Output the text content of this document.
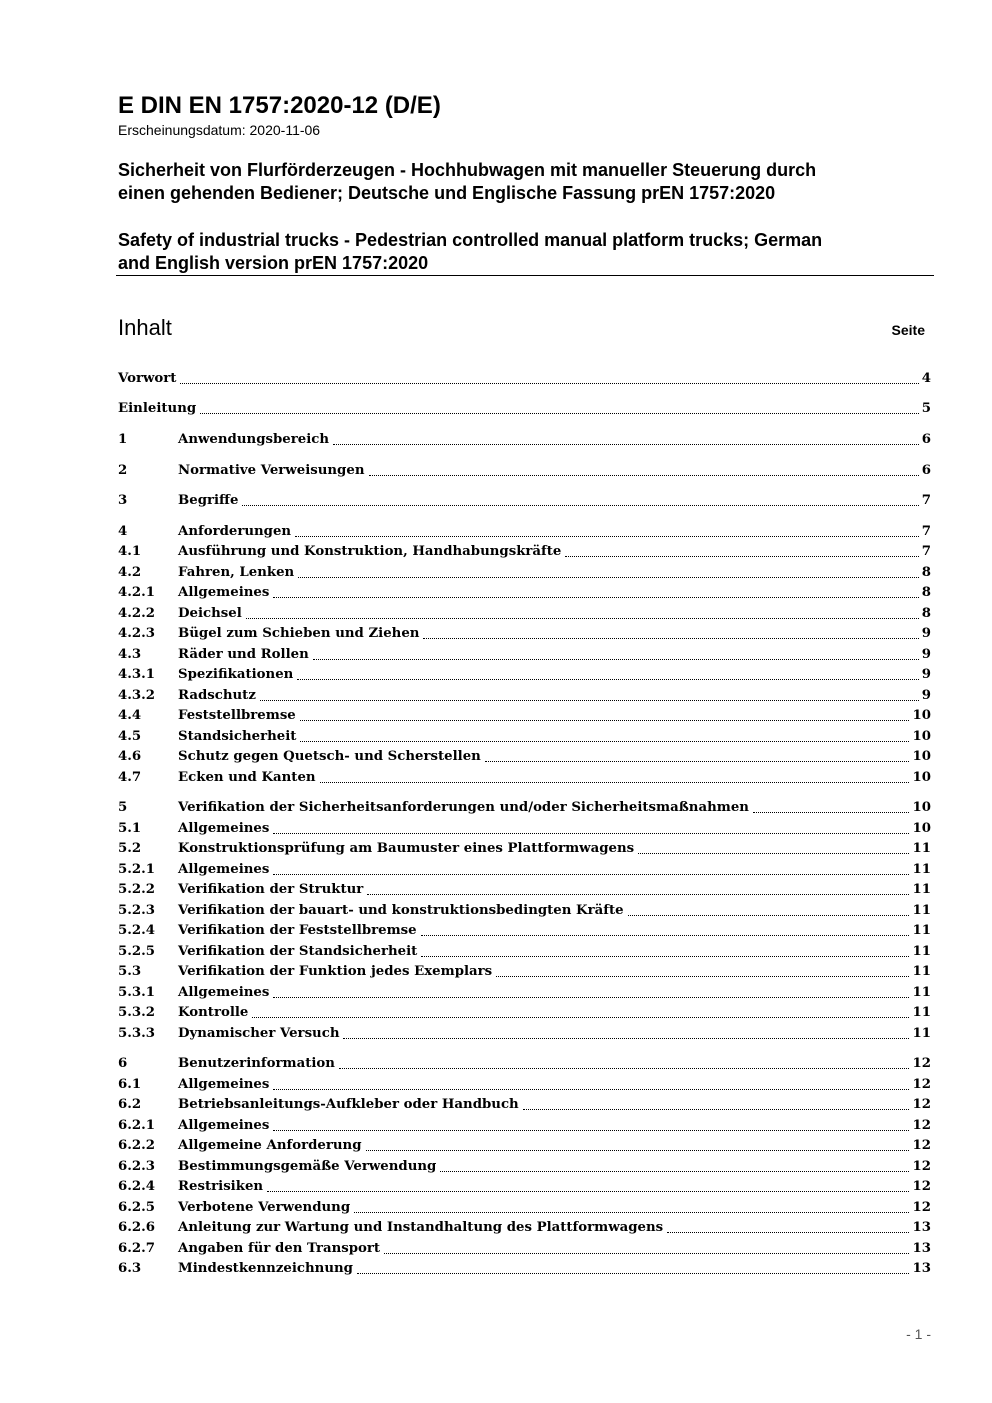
E DIN EN 1757:2020-12 (D/E)
Erscheinungsdatum: 2020-11-06
Sicherheit von Flurförderzeugen - Hochhubwagen mit manueller Steuerung durch
einen gehenden Bediener; Deutsche und Englische Fassung prEN 1757:2020
Safety of industrial trucks - Pedestrian controlled manual platform trucks; German
and English version prEN 1757:2020
Inhalt	Seite
Vorwort	4
Einleitung	5
1	Anwendungsbereich	6
2	Normative Verweisungen	6
3	Begriffe	7
4	Anforderungen	7
4.1	Ausführung und Konstruktion, Handhabungskräfte	7
4.2	Fahren, Lenken	8
4.2.1	Allgemeines	8
4.2.2	Deichsel	8
4.2.3	Bügel zum Schieben und Ziehen	9
4.3	Räder und Rollen	9
4.3.1	Spezifikationen	9
4.3.2	Radschutz	9
4.4	Feststellbremse	10
4.5	Standsicherheit	10
4.6	Schutz gegen Quetsch- und Scherstellen	10
4.7	Ecken und Kanten	10
5	Verifikation der Sicherheitsanforderungen und/oder Sicherheitsmaßnahmen	10
5.1	Allgemeines	10
5.2	Konstruktionsprüfung am Baumuster eines Plattformwagens	11
5.2.1	Allgemeines	11
5.2.2	Verifikation der Struktur	11
5.2.3	Verifikation der bauart- und konstruktionsbedingten Kräfte	11
5.2.4	Verifikation der Feststellbremse	11
5.2.5	Verifikation der Standsicherheit	11
5.3	Verifikation der Funktion jedes Exemplars	11
5.3.1	Allgemeines	11
5.3.2	Kontrolle	11
5.3.3	Dynamischer Versuch	11
6	Benutzerinformation	12
6.1	Allgemeines	12
6.2	Betriebsanleitungs-Aufkleber oder Handbuch	12
6.2.1	Allgemeines	12
6.2.2	Allgemeine Anforderung	12
6.2.3	Bestimmungsgemäße Verwendung	12
6.2.4	Restrisiken	12
6.2.5	Verbotene Verwendung	12
6.2.6	Anleitung zur Wartung und Instandhaltung des Plattformwagens	13
6.2.7	Angaben für den Transport	13
6.3	Mindestkennzeichnung	13
- 1 -
